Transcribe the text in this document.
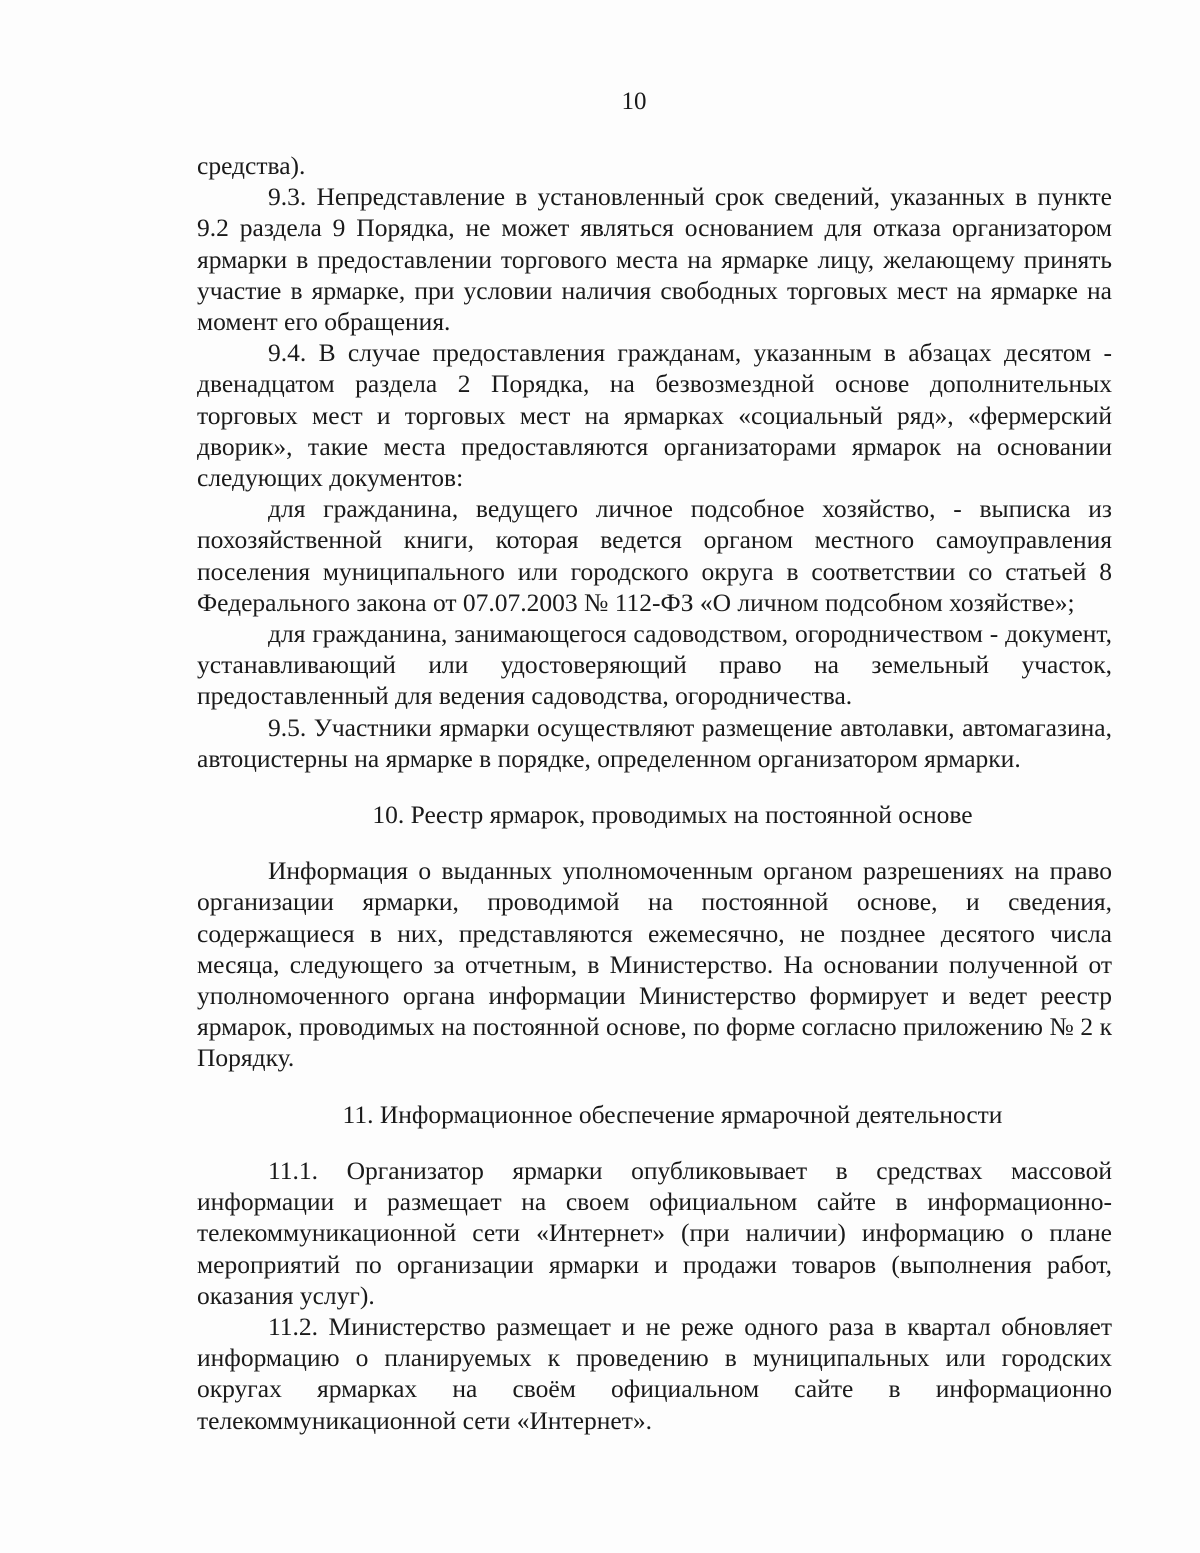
10

средства).

9.3. Непредставление в установленный срок сведений, указанных в пункте 9.2 раздела 9 Порядка, не может являться основанием для отказа организатором ярмарки в предоставлении торгового места на ярмарке лицу, желающему принять участие в ярмарке, при условии наличия свободных торговых мест на ярмарке на момент его обращения.

9.4. В случае предоставления гражданам, указанным в абзацах десятом - двенадцатом раздела 2 Порядка, на безвозмездной основе дополнительных торговых мест и торговых мест на ярмарках «социальный ряд», «фермерский дворик», такие места предоставляются организаторами ярмарок на основании следующих документов:

для гражданина, ведущего личное подсобное хозяйство, - выписка из похозяйственной книги, которая ведется органом местного самоуправления поселения муниципального или городского округа в соответствии со статьей 8 Федерального закона от 07.07.2003 № 112-ФЗ «О личном подсобном хозяйстве»;

для гражданина, занимающегося садоводством, огородничеством - документ, устанавливающий или удостоверяющий право на земельный участок, предоставленный для ведения садоводства, огородничества.

9.5. Участники ярмарки осуществляют размещение автолавки, автомагазина, автоцистерны на ярмарке в порядке, определенном организатором ярмарки.

10. Реестр ярмарок, проводимых на постоянной основе

Информация о выданных уполномоченным органом разрешениях на право организации ярмарки, проводимой на постоянной основе, и сведения, содержащиеся в них, представляются ежемесячно, не позднее десятого числа месяца, следующего за отчетным, в Министерство. На основании полученной от уполномоченного органа информации Министерство формирует и ведет реестр ярмарок, проводимых на постоянной основе, по форме согласно приложению № 2 к Порядку.

11. Информационное обеспечение ярмарочной деятельности

11.1. Организатор ярмарки опубликовывает в средствах массовой информации и размещает на своем официальном сайте в информационно-телекоммуникационной сети «Интернет» (при наличии) информацию о плане мероприятий по организации ярмарки и продажи товаров (выполнения работ, оказания услуг).

11.2. Министерство размещает и не реже одного раза в квартал обновляет информацию о планируемых к проведению в муниципальных или городских округах ярмарках на своём официальном сайте в информационно телекоммуникационной сети «Интернет».
